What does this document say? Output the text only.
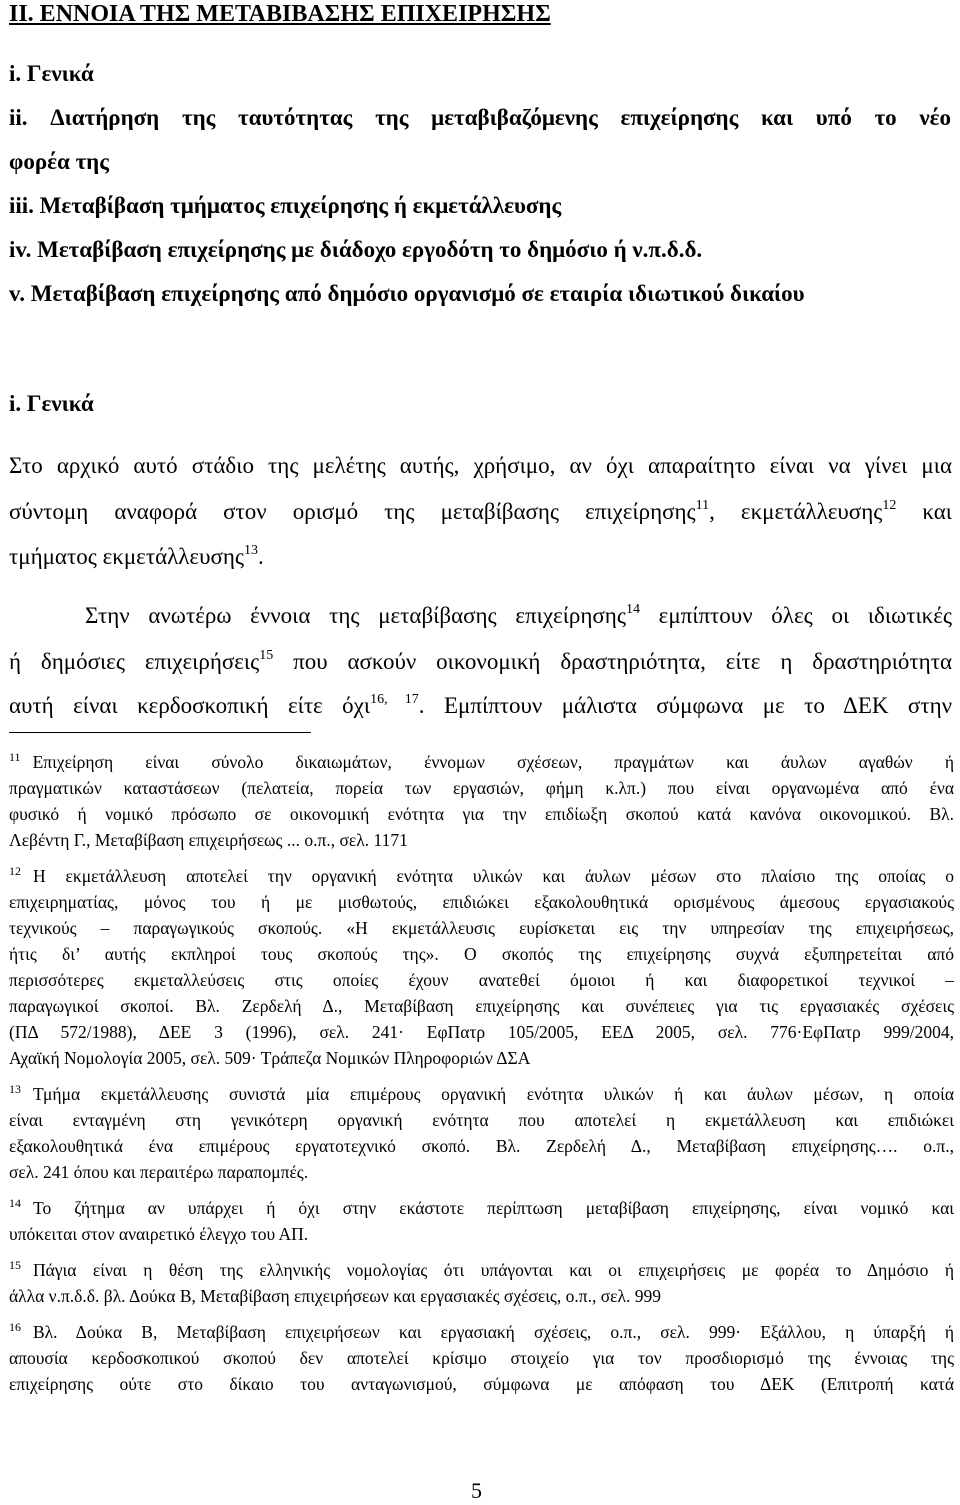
II. ΕΝΝΟΙΑ ΤΗΣ ΜΕΤΑΒΙΒΑΣΗΣ ΕΠΙΧΕΙΡΗΣΗΣ
i. Γενικά
ii. Διατήρηση της ταυτότητας της μεταβιβαζόμενης επιχείρησης και υπό το νέο
φορέα της
iii. Μεταβίβαση τμήματος επιχείρησης ή εκμετάλλευσης
iv. Μεταβίβαση επιχείρησης με διάδοχο εργοδότη το δημόσιο ή ν.π.δ.δ.
v. Μεταβίβαση επιχείρησης από δημόσιο οργανισμό σε εταιρία ιδιωτικού δικαίου
i. Γενικά
Στο αρχικό αυτό στάδιο της μελέτης αυτής, χρήσιμο, αν όχι απαραίτητο είναι να γίνει μια
σύντομη αναφορά στον ορισμό της μεταβίβασης επιχείρησης$^{11}$, εκμετάλλευσης$^{12}$ και
τμήματος εκμετάλλευσης$^{13}$.
Στην ανωτέρω έννοια της μεταβίβασης επιχείρησης$^{14}$ εμπίπτουν όλες οι ιδιωτικές
ή δημόσιες επιχειρήσεις$^{15}$ που ασκούν οικονομική δραστηριότητα, είτε η δραστηριότητα
αυτή είναι κερδοσκοπική είτε όχι$^{16, 17}$. Εμπίπτουν μάλιστα σύμφωνα με το ΔΕΚ στην
$^{11}$ Επιχείρηση είναι σύνολο δικαιωμάτων, έννομων σχέσεων, πραγμάτων και άυλων αγαθών ή
πραγματικών καταστάσεων (πελατεία, πορεία των εργασιών, φήμη κ.λπ.) που είναι οργανωμένα από ένα
φυσικό ή νομικό πρόσωπο σε οικονομική ενότητα για την επιδίωξη σκοπού κατά κανόνα οικονομικού. Βλ.
Λεβέντη Γ., Μεταβίβαση επιχειρήσεως ... ο.π., σελ. 1171
$^{12}$ Η εκμετάλλευση αποτελεί την οργανική ενότητα υλικών και άυλων μέσων στο πλαίσιο της οποίας ο
επιχειρηματίας, μόνος του ή με μισθωτούς, επιδιώκει εξακολουθητικά ορισμένους άμεσους εργασιακούς
τεχνικούς – παραγωγικούς σκοπούς. «Η εκμετάλλευσις ευρίσκεται εις την υπηρεσίαν της επιχειρήσεως,
ήτις δι’ αυτής εκπληροί τους σκοπούς της». Ο σκοπός της επιχείρησης συχνά εξυπηρετείται από
περισσότερες εκμεταλλεύσεις στις οποίες έχουν ανατεθεί όμοιοι ή και διαφορετικοί τεχνικοί –
παραγωγικοί σκοποί. Βλ. Ζερδελή Δ., Μεταβίβαση επιχείρησης και συνέπειες για τις εργασιακές σχέσεις
(ΠΔ 572/1988), ΔΕΕ 3 (1996), σελ. 241· ΕφΠατρ 105/2005, ΕΕΔ 2005, σελ. 776·ΕφΠατρ 999/2004,
Αχαϊκή Νομολογία 2005, σελ. 509· Τράπεζα Νομικών Πληροφοριών ΔΣΑ
$^{13}$ Τμήμα εκμετάλλευσης συνιστά μία επιμέρους οργανική ενότητα υλικών ή και άυλων μέσων, η οποία
είναι ενταγμένη στη γενικότερη οργανική ενότητα που αποτελεί η εκμετάλλευση και επιδιώκει
εξακολουθητικά ένα επιμέρους εργατοτεχνικό σκοπό. Βλ. Ζερδελή Δ., Μεταβίβαση επιχείρησης…. ο.π.,
σελ. 241 όπου και περαιτέρω παραπομπές.
$^{14}$ Το ζήτημα αν υπάρχει ή όχι στην εκάστοτε περίπτωση μεταβίβαση επιχείρησης, είναι νομικό και
υπόκειται στον αναιρετικό έλεγχο του ΑΠ.
$^{15}$ Πάγια είναι η θέση της ελληνικής νομολογίας ότι υπάγονται και οι επιχειρήσεις με φορέα το Δημόσιο ή
άλλα ν.π.δ.δ. βλ. Δούκα Β, Μεταβίβαση επιχειρήσεων και εργασιακές σχέσεις, ο.π., σελ. 999
$^{16}$ Βλ. Δούκα Β, Μεταβίβαση επιχειρήσεων και εργασιακή σχέσεις, ο.π., σελ. 999· Εξάλλου, η ύπαρξή ή
απουσία κερδοσκοπικού σκοπού δεν αποτελεί κρίσιμο στοιχείο για τον προσδιορισμό της έννοιας της
επιχείρησης ούτε στο δίκαιο του ανταγωνισμού, σύμφωνα με απόφαση του ΔΕΚ (Επιτροπή κατά
5
